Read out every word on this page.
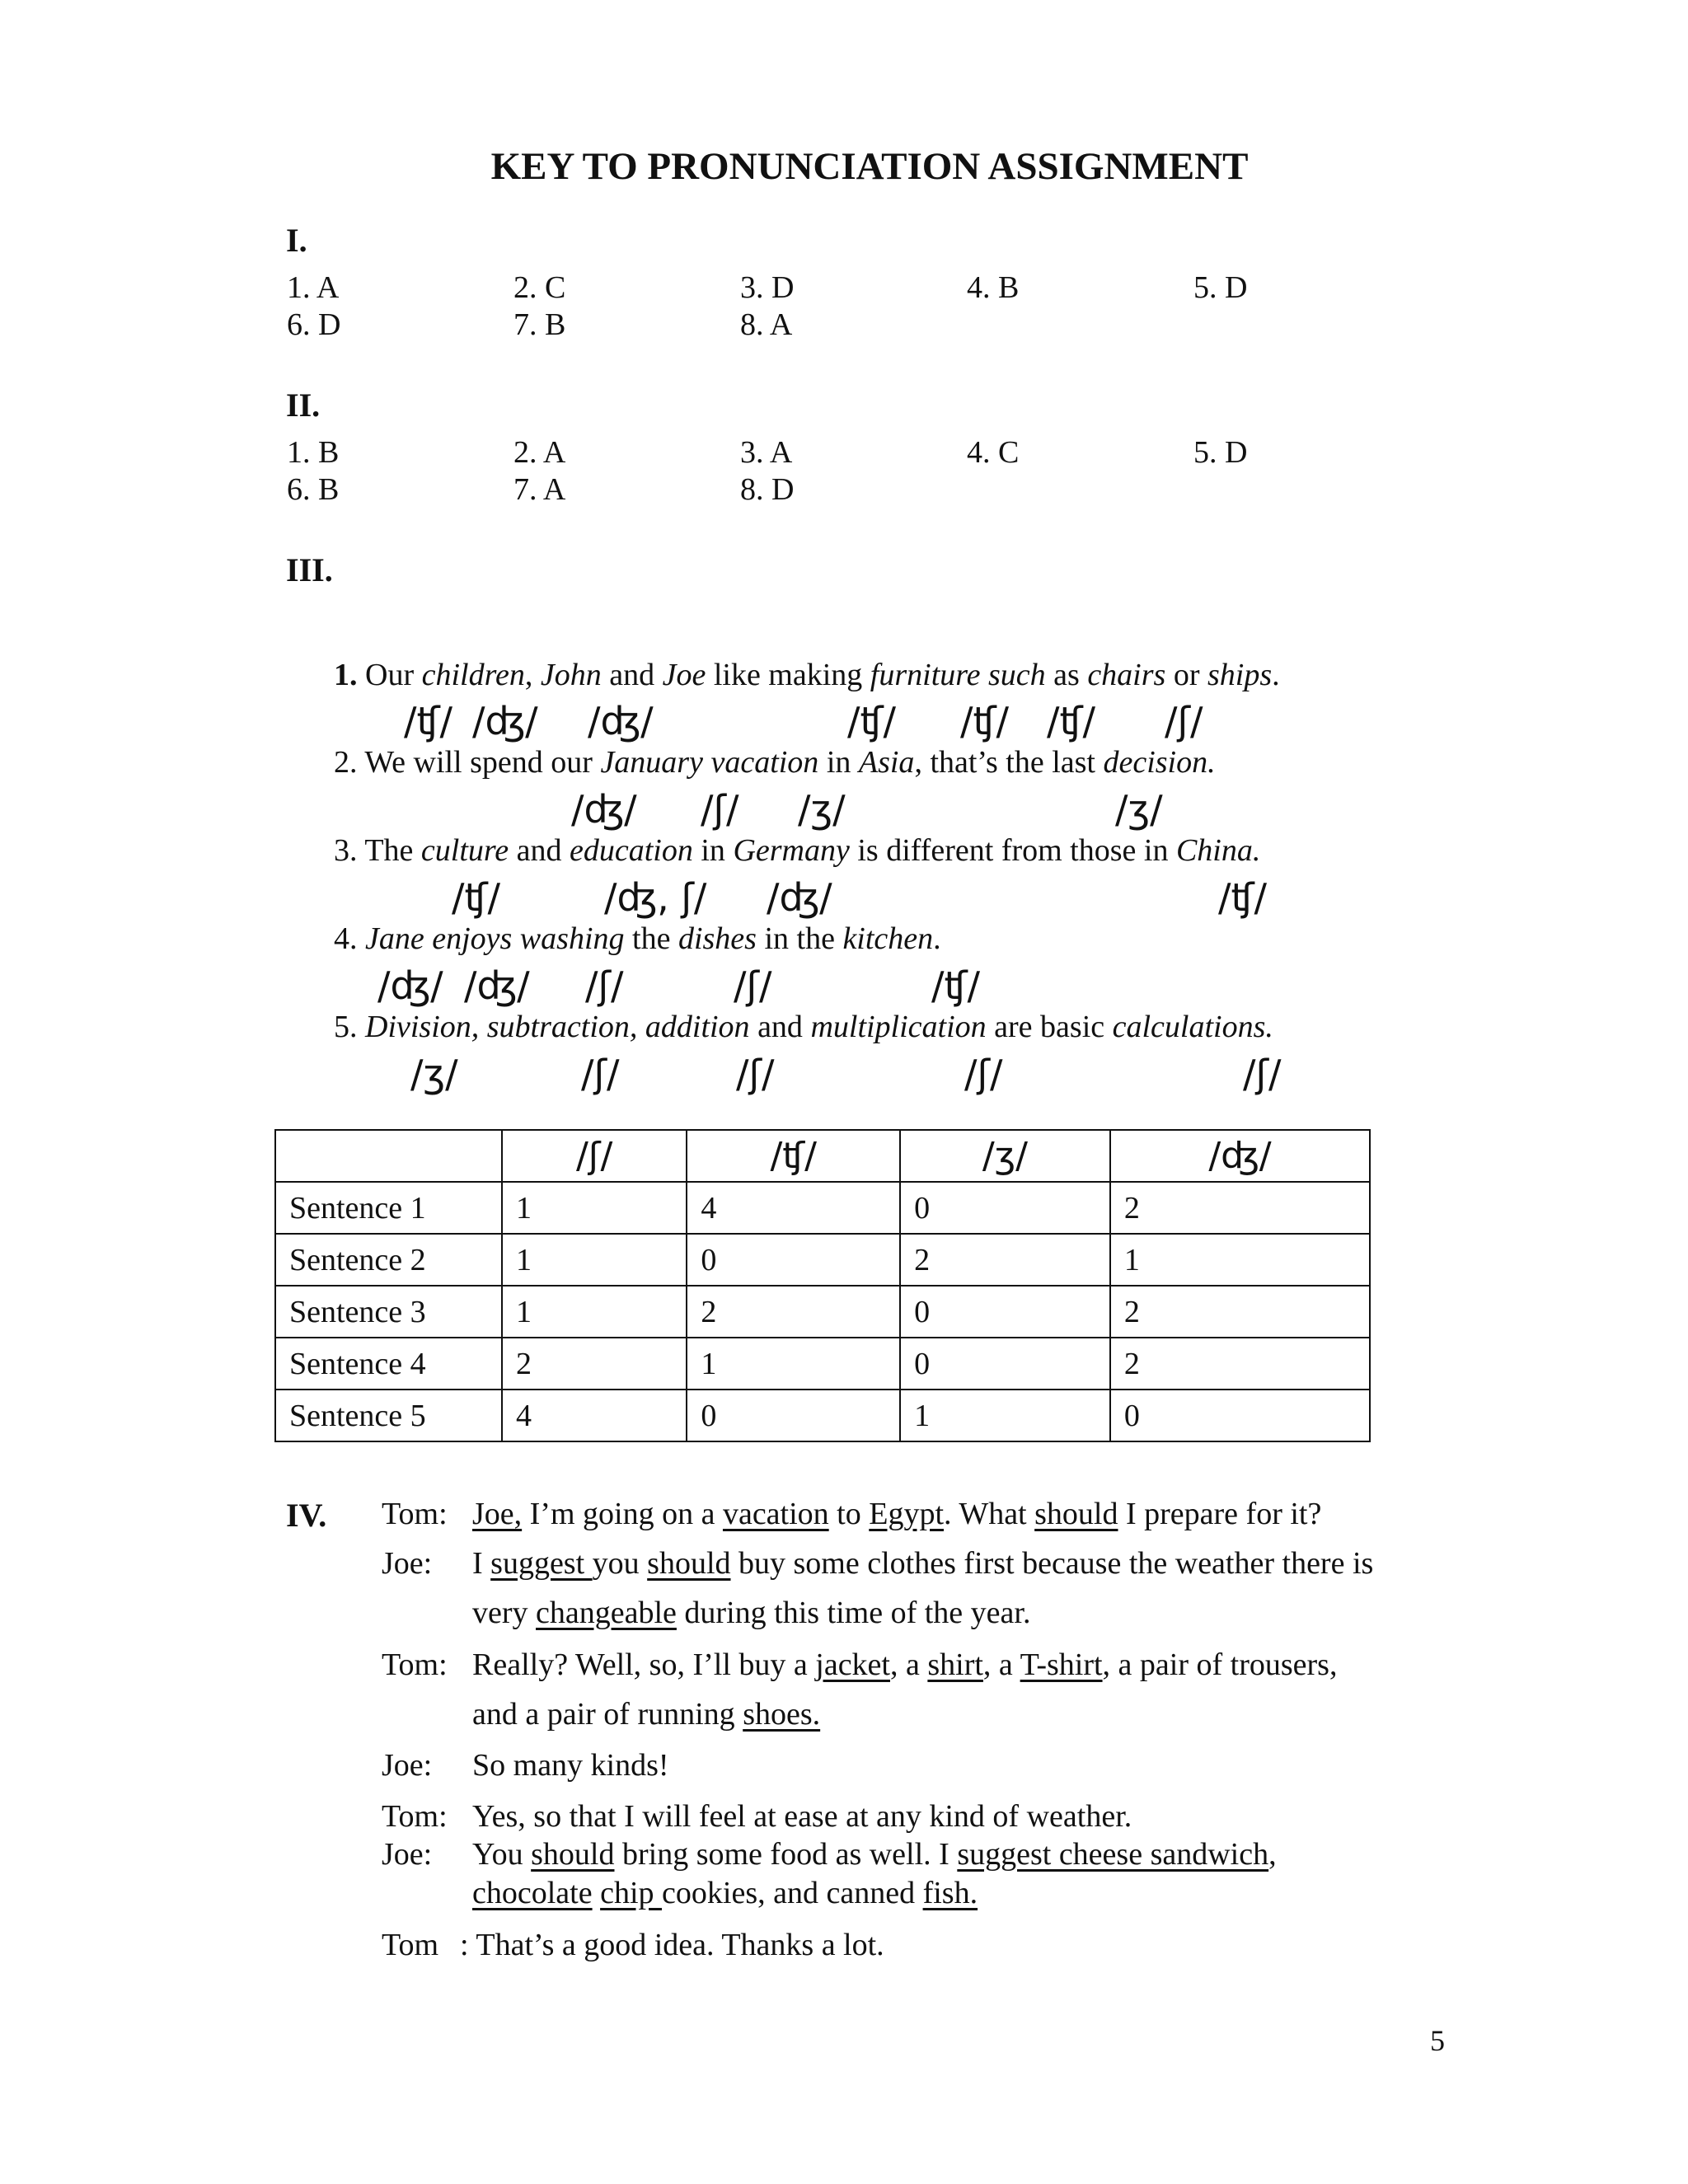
KEY TO PRONUNCIATION ASSIGNMENT
I.
1. A	2. C	3. D	4. B	5. D
6. D	7. B	8. A
II.
1. B	2. A	3. A	4. C	5. D
6. B	7. A	8. D
III.
1. Our children, John and Joe like making furniture such as chairs or ships.
/ʧ/ /ʤ/ /ʤ/	/ʧ/ /ʧ/ /ʧ/ /ʃ/
2. We will spend our January vacation in Asia, that’s the last decision.
/ʤ/ /ʃ/ /ʒ/	/ʒ/
3. The culture and education in Germany is different from those in China.
/ʧ/	/ʤ, ʃ/ /ʤ/	/ʧ/
4. Jane enjoys washing the dishes in the kitchen.
/ʤ/ /ʤ/ /ʃ/	/ʃ/	/ʧ/
5. Division, subtraction, addition and multiplication are basic calculations.
/ʒ/	/ʃ/	/ʃ/	/ʃ/	/ʃ/
	/ʃ/	/ʧ/	/ʒ/	/ʤ/
Sentence 1	1	4	0	2
Sentence 2	1	0	2	1
Sentence 3	1	2	0	2
Sentence 4	2	1	0	2
Sentence 5	4	0	1	0
IV. Tom: Joe, I’m going on a vacation to Egypt. What should I prepare for it?
Joe: I suggest you should buy some clothes first because the weather there is
very changeable during this time of the year.
Tom: Really? Well, so, I’ll buy a jacket, a shirt, a T-shirt, a pair of trousers,
and a pair of running shoes.
Joe: So many kinds!
Tom: Yes, so that I will feel at ease at any kind of weather.
Joe: You should bring some food as well. I suggest cheese sandwich,
chocolate chip cookies, and canned fish.
Tom : That’s a good idea. Thanks a lot.
5
